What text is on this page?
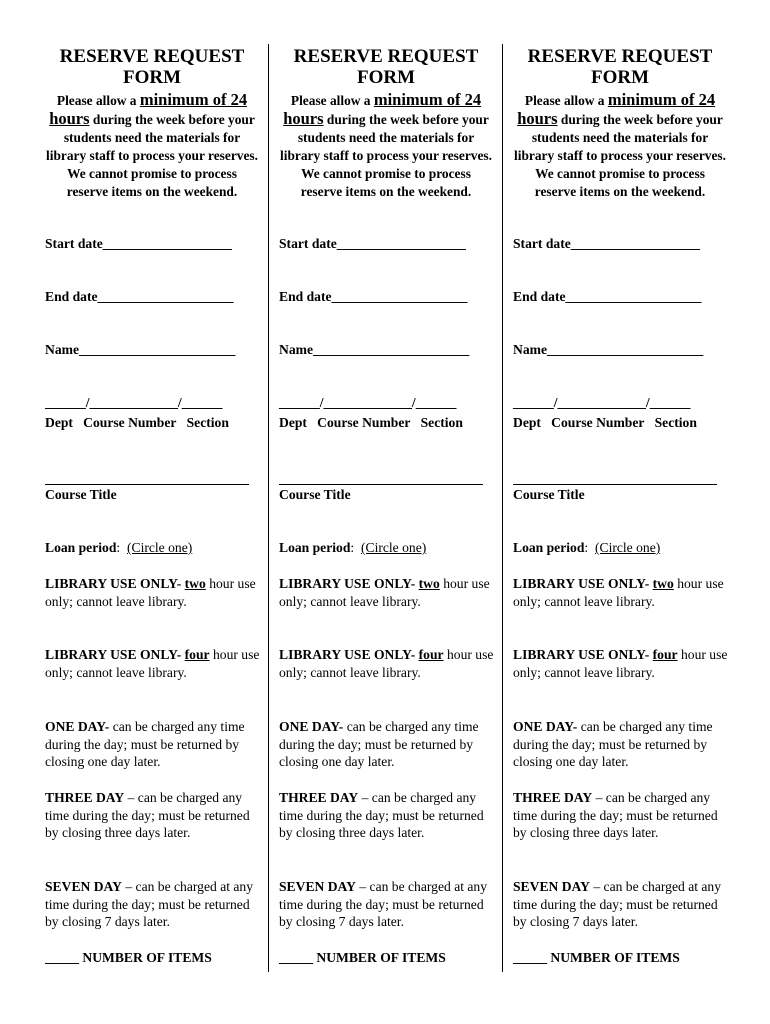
RESERVE REQUEST
FORM
Please allow a minimum of 24
hours during the week before your students need the materials for library staff to process your reserves. We cannot promise to process reserve items on the weekend.
Start date___________________
End date____________________
Name_______________________
______/_____________/______
Dept Course Number Section
Course Title
Loan period: (Circle one)
LIBRARY USE ONLY- two hour use only; cannot leave library.
LIBRARY USE ONLY- four hour use only; cannot leave library.
ONE DAY- can be charged any time during the day; must be returned by closing one day later.
THREE DAY – can be charged any time during the day; must be returned by closing three days later.
SEVEN DAY – can be charged at any time during the day; must be returned by closing 7 days later.
_____ NUMBER OF ITEMS
RESERVE REQUEST
FORM
Please allow a minimum of 24
hours during the week before your students need the materials for library staff to process your reserves. We cannot promise to process reserve items on the weekend.
Start date___________________
End date____________________
Name_______________________
______/_____________/______
Dept Course Number Section
Course Title
Loan period: (Circle one)
LIBRARY USE ONLY- two hour use only; cannot leave library.
LIBRARY USE ONLY- four hour use only; cannot leave library.
ONE DAY- can be charged any time during the day; must be returned by closing one day later.
THREE DAY – can be charged any time during the day; must be returned by closing three days later.
SEVEN DAY – can be charged at any time during the day; must be returned by closing 7 days later.
_____ NUMBER OF ITEMS
RESERVE REQUEST
FORM
Please allow a minimum of 24
hours during the week before your students need the materials for library staff to process your reserves. We cannot promise to process reserve items on the weekend.
Start date___________________
End date____________________
Name_______________________
______/_____________/______
Dept Course Number Section
Course Title
Loan period: (Circle one)
LIBRARY USE ONLY- two hour use only; cannot leave library.
LIBRARY USE ONLY- four hour use only; cannot leave library.
ONE DAY- can be charged any time during the day; must be returned by closing one day later.
THREE DAY – can be charged any time during the day; must be returned by closing three days later.
SEVEN DAY – can be charged at any time during the day; must be returned by closing 7 days later.
_____ NUMBER OF ITEMS
